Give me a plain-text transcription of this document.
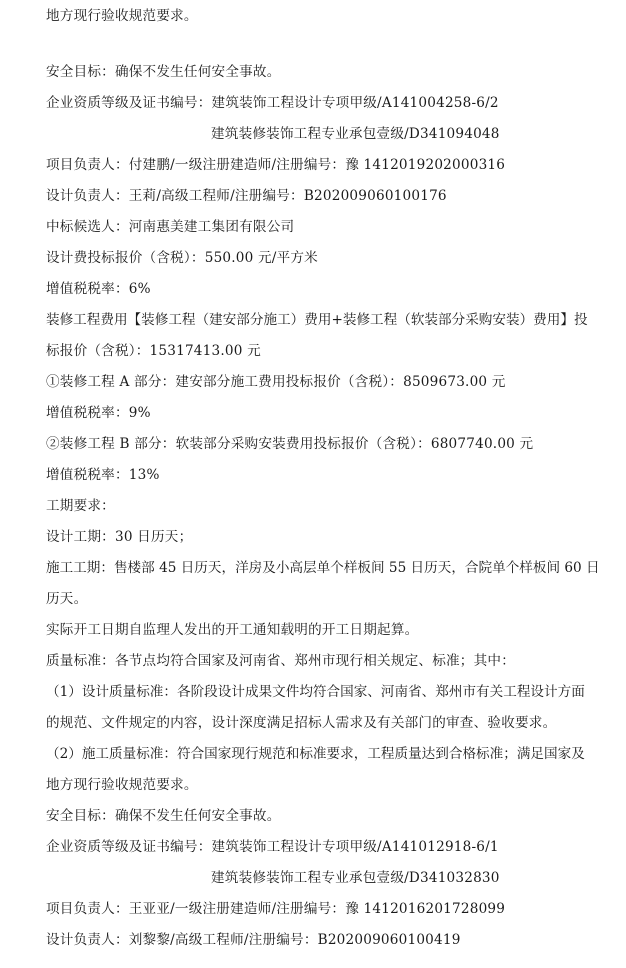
地方现行验收规范要求。
安全目标：确保不发生任何安全事故。
企业资质等级及证书编号：建筑装饰工程设计专项甲级/A141004258-6/2
建筑装修装饰工程专业承包壹级/D341094048
项目负责人：付建鹏/一级注册建造师/注册编号：豫 1412019202000316
设计负责人：王莉/高级工程师/注册编号：B202009060100176
中标候选人：河南惠美建工集团有限公司
设计费投标报价（含税）：550.00 元/平方米
增值税税率：6%
装修工程费用【装修工程（建安部分施工）费用+装修工程（软装部分采购安装）费用】投
标报价（含税）：15317413.00 元
①装修工程 A 部分：建安部分施工费用投标报价（含税）：8509673.00 元
增值税税率：9%
②装修工程 B 部分：软装部分采购安装费用投标报价（含税）：6807740.00 元
增值税税率：13%
工期要求：
设计工期：30 日历天；
施工工期：售楼部 45 日历天，洋房及小高层单个样板间 55 日历天，合院单个样板间 60 日
历天。
实际开工日期自监理人发出的开工通知载明的开工日期起算。
质量标准：各节点均符合国家及河南省、郑州市现行相关规定、标准；其中：
（1）设计质量标准：各阶段设计成果文件均符合国家、河南省、郑州市有关工程设计方面
的规范、文件规定的内容，设计深度满足招标人需求及有关部门的审查、验收要求。
（2）施工质量标准：符合国家现行规范和标准要求，工程质量达到合格标准；满足国家及
地方现行验收规范要求。
安全目标：确保不发生任何安全事故。
企业资质等级及证书编号：建筑装饰工程设计专项甲级/A141012918-6/1
建筑装修装饰工程专业承包壹级/D341032830
项目负责人：王亚亚/一级注册建造师/注册编号：豫 1412016201728099
设计负责人：刘黎黎/高级工程师/注册编号：B202009060100419
